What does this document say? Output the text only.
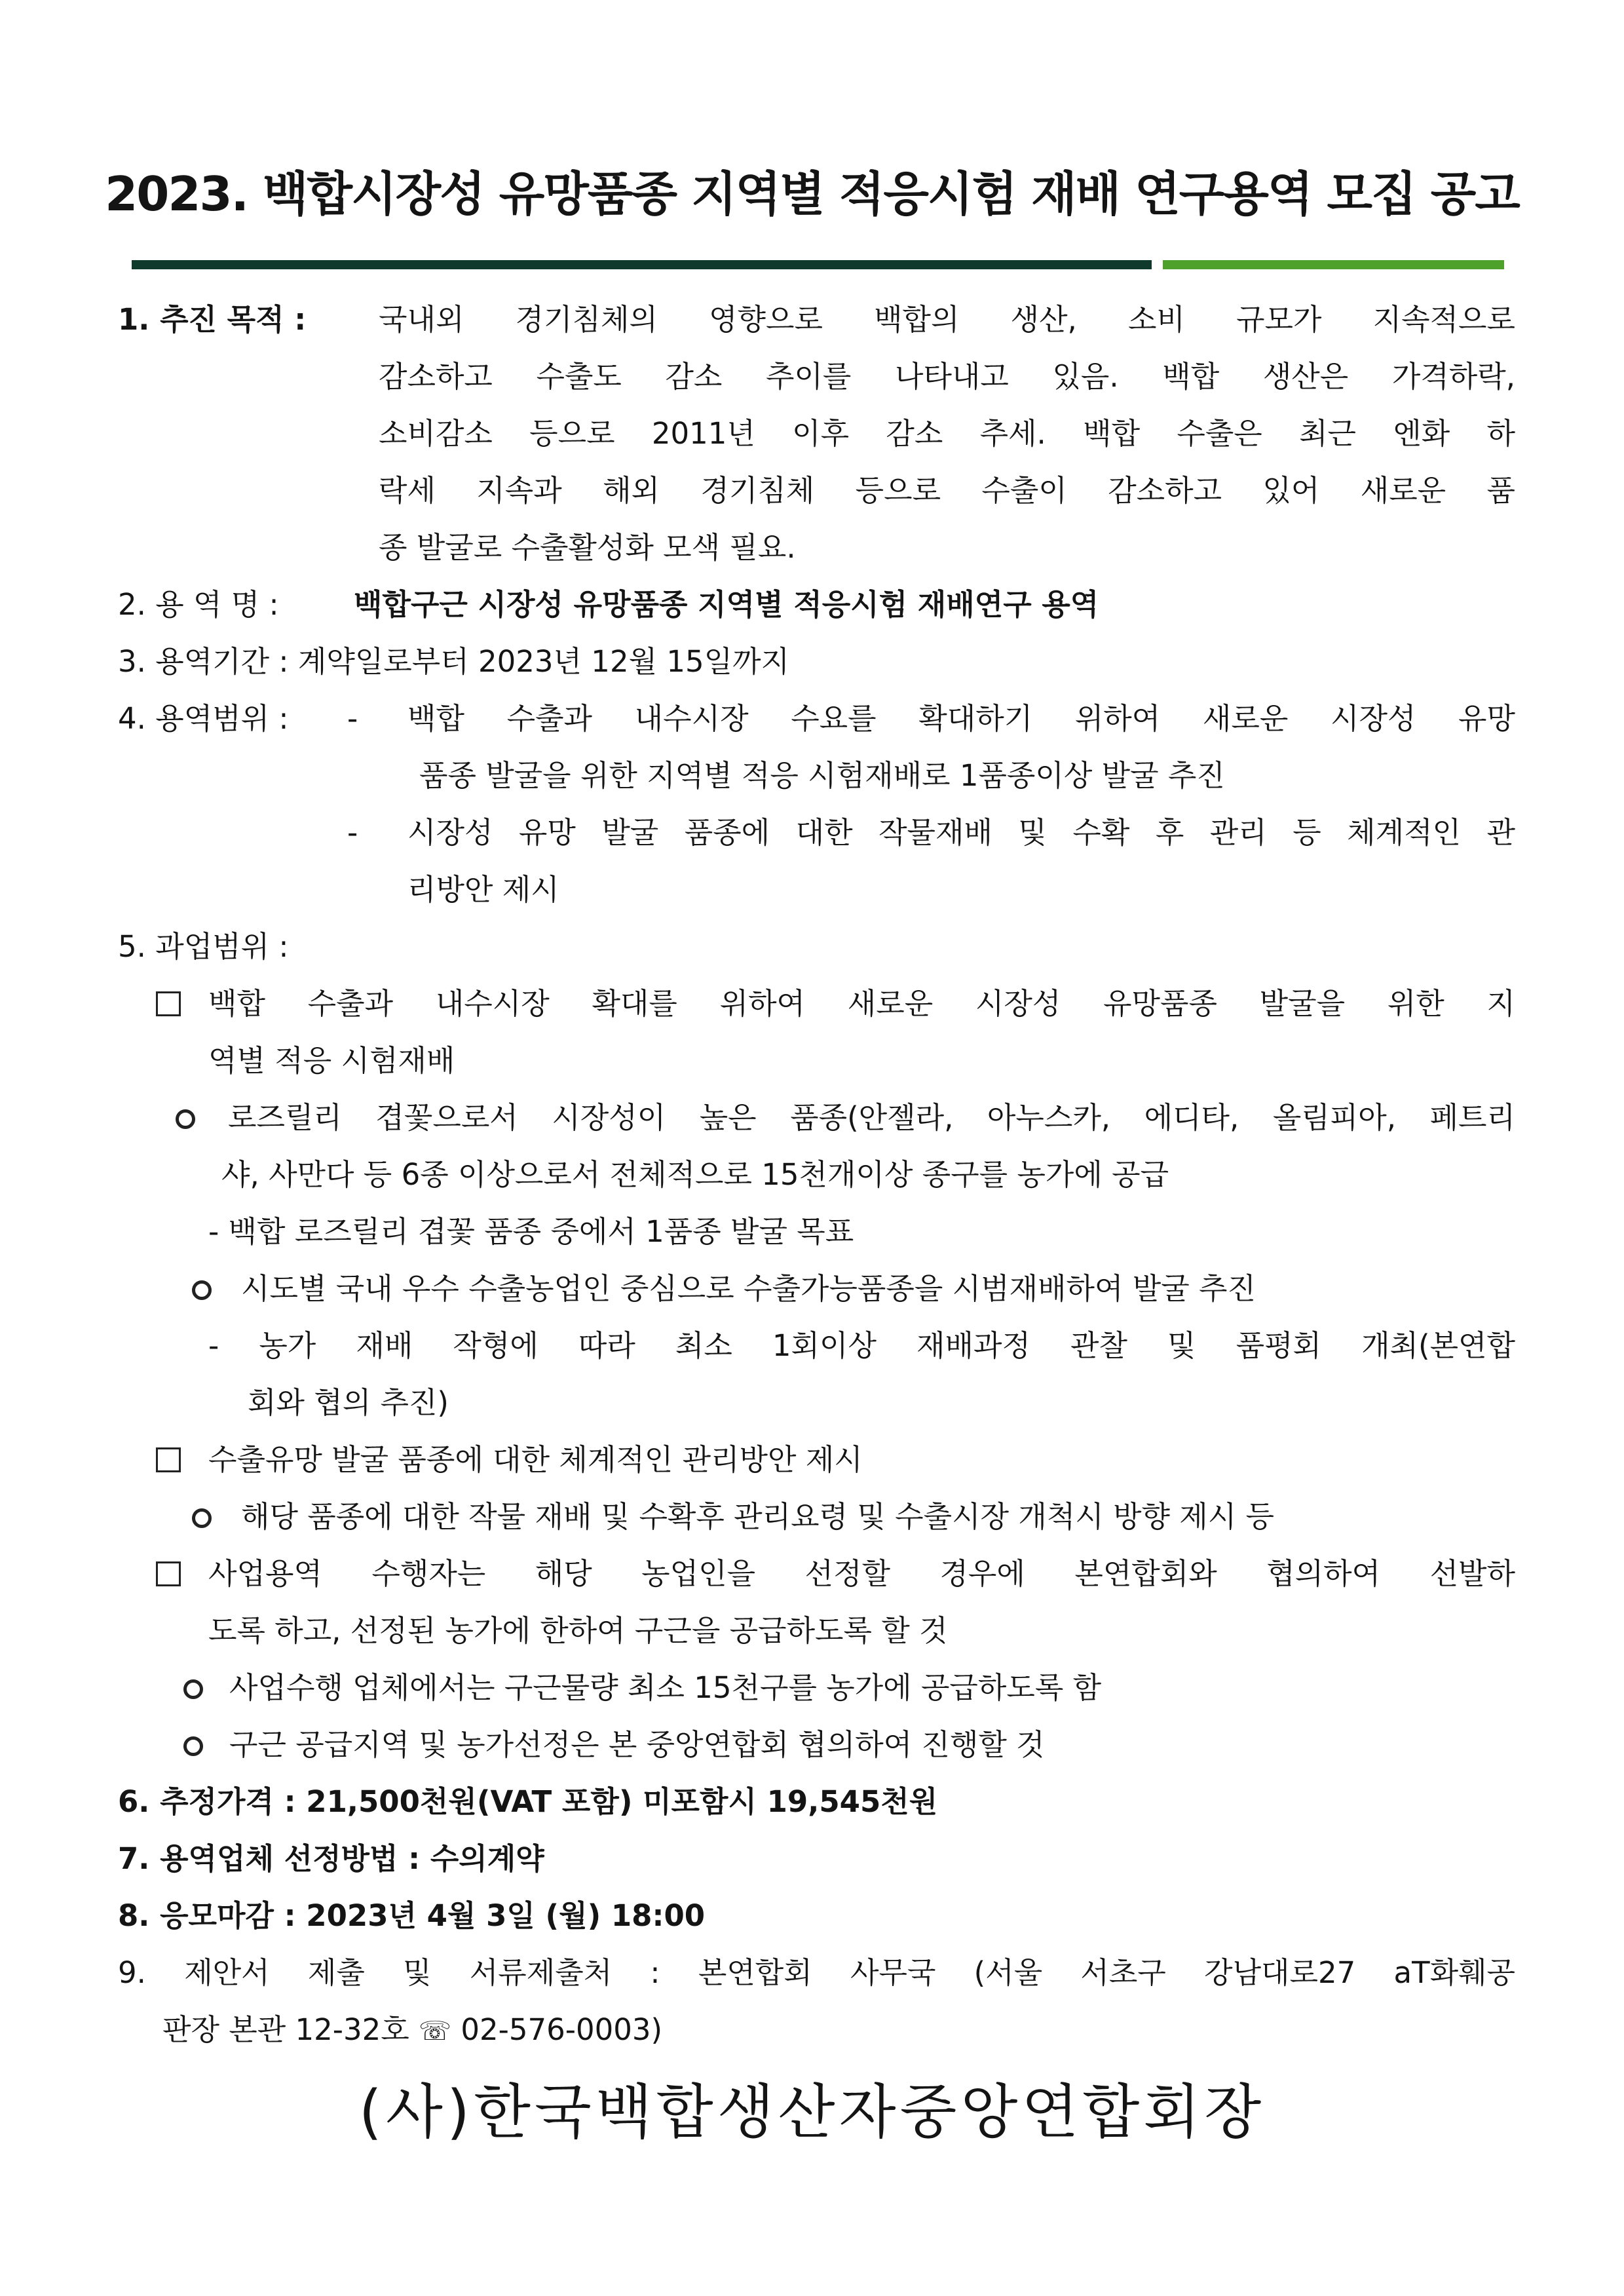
2023. 백합시장성 유망품종 지역별 적응시험 재배 연구용역 모집 공고
1. 추진 목적 : 국내외 경기침체의 영향으로 백합의 생산, 소비 규모가 지속적으로
감소하고 수출도 감소 추이를 나타내고 있음. 백합 생산은 가격하락,
소비감소 등으로 2011년 이후 감소 추세. 백합 수출은 최근 엔화 하
락세 지속과 해외 경기침체 등으로 수출이 감소하고 있어 새로운 품
종 발굴로 수출활성화 모색 필요.
2. 용 역 명 :	백합구근 시장성 유망품종 지역별 적응시험 재배연구 용역
3. 용역기간 : 계약일로부터 2023년 12월 15일까지
4. 용역범위 : - 백합 수출과 내수시장 수요를 확대하기 위하여 새로운 시장성 유망
품종 발굴을 위한 지역별 적응 시험재배로 1품종이상 발굴 추진
- 시장성 유망 발굴 품종에 대한 작물재배 및 수확 후 관리 등 체계적인 관
리방안 제시
5. 과업범위 :
백합 수출과 내수시장 확대를 위하여 새로운 시장성 유망품종 발굴을 위한 지
역별 적응 시험재배
로즈릴리 겹꽃으로서 시장성이 높은 품종(안젤라, 아누스카, 에디타, 올림피아, 페트리
샤, 사만다 등 6종 이상으로서 전체적으로 15천개이상 종구를 농가에 공급
- 백합 로즈릴리 겹꽃 품종 중에서 1품종 발굴 목표
시도별 국내 우수 수출농업인 중심으로 수출가능품종을 시범재배하여 발굴 추진
- 농가 재배 작형에 따라 최소 1회이상 재배과정 관찰 및 품평회 개최(본연합
회와 협의 추진)
수출유망 발굴 품종에 대한 체계적인 관리방안 제시
해당 품종에 대한 작물 재배 및 수확후 관리요령 및 수출시장 개척시 방향 제시 등
사업용역 수행자는 해당 농업인을 선정할 경우에 본연합회와 협의하여 선발하
도록 하고, 선정된 농가에 한하여 구근을 공급하도록 할 것
사업수행 업체에서는 구근물량 최소 15천구를 농가에 공급하도록 함
구근 공급지역 및 농가선정은 본 중앙연합회 협의하여 진행할 것
6. 추정가격 : 21,500천원(VAT 포함) 미포함시 19,545천원
7. 용역업체 선정방법 : 수의계약
8. 응모마감 : 2023년 4월 3일 (월) 18:00
9. 제안서 제출 및 서류제출처 : 본연합회 사무국 (서울 서초구 강남대로27 aT화훼공
판장 본관 12-32호 ☏ 02-576-0003)
(사)한국백합생산자중앙연합회장
